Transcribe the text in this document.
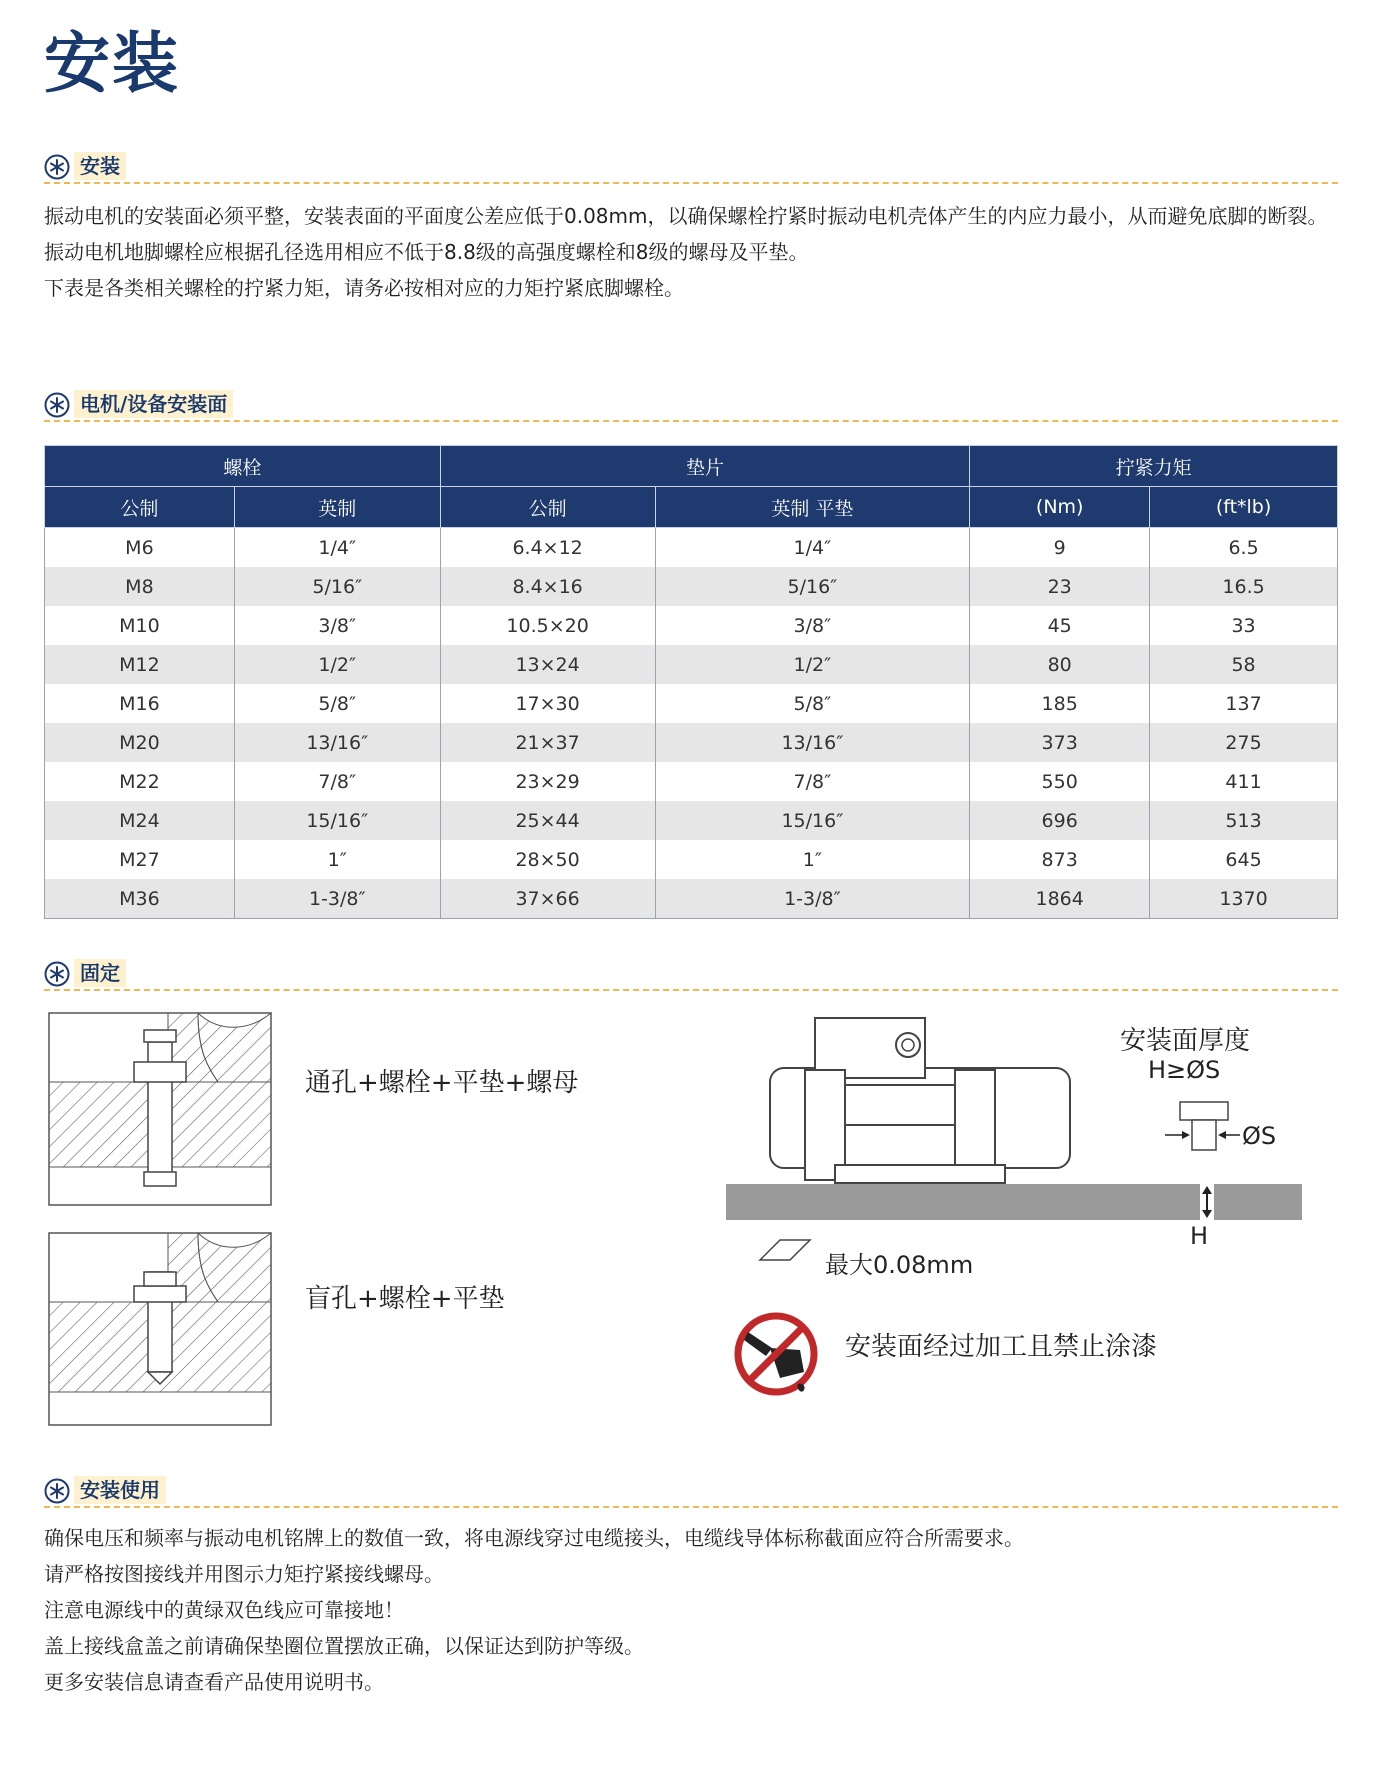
安装
安装

振动电机的安装面必须平整，安装表面的平面度公差应低于0.08mm，以确保螺栓拧紧时振动电机壳体产生的内应力最小，从而避免底脚的断裂。

振动电机地脚螺栓应根据孔径选用相应不低于8.8级的高强度螺栓和8级的螺母及平垫。

下表是各类相关螺栓的拧紧力矩，请务必按相对应的力矩拧紧底脚螺栓。

电机/设备安装面
螺栓		垫片		拧紧力矩	
公制	英制	公制	英制 平垫	(Nm)	(ft*lb)
M6	1/4″	6.4×12	1/4″	9	6.5
M8	5/16″	8.4×16	5/16″	23	16.5
M10	3/8″	10.5×20	3/8″	45	33
M12	1/2″	13×24	1/2″	80	58
M16	5/8″	17×30	5/8″	185	137
M20	13/16″	21×37	13/16″	373	275
M22	7/8″	23×29	7/8″	550	411
M24	15/16″	25×44	15/16″	696	513
M27	1″	28×50	1″	873	645
M36	1-3/8″	37×66	1-3/8″	1864	1370
固定
通孔+螺栓+平垫+螺母
盲孔+螺栓+平垫
安装面厚度
H≥ØS
ØS
H
最大0.08mm
安装面经过加工且禁止涂漆
安装使用

确保电压和频率与振动电机铭牌上的数值一致，将电源线穿过电缆接头，电缆线导体标称截面应符合所需要求。

请严格按图接线并用图示力矩拧紧接线螺母。

注意电源线中的黄绿双色线应可靠接地！

盖上接线盒盖之前请确保垫圈位置摆放正确，以保证达到防护等级。

更多安装信息请查看产品使用说明书。
